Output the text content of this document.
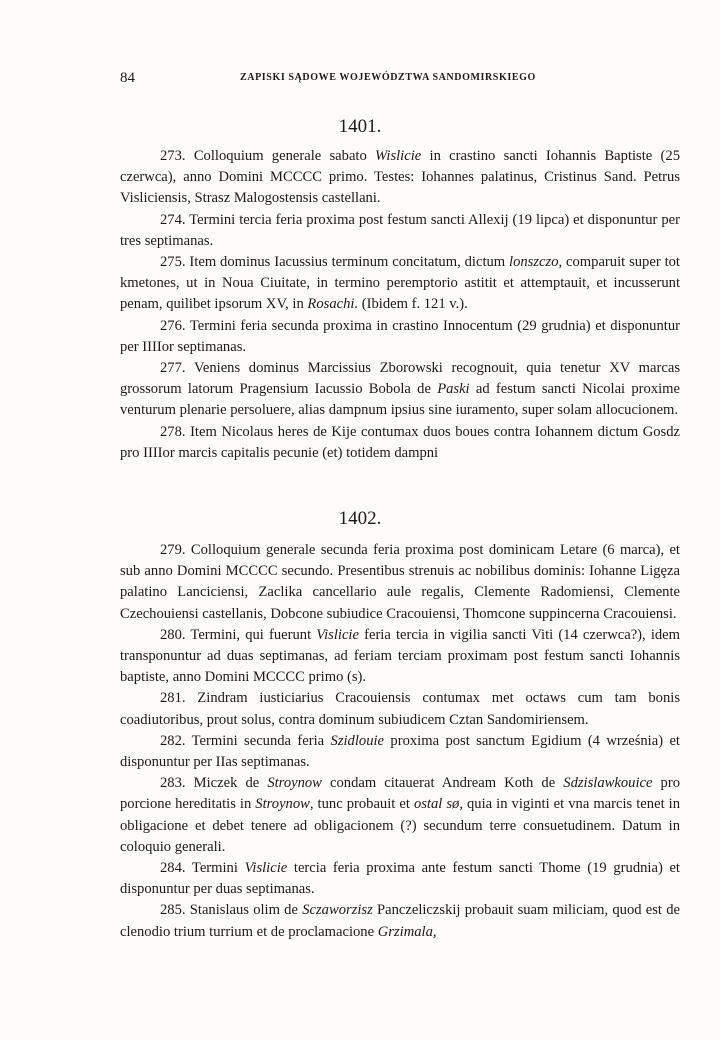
84	ZAPISKI SĄDOWE WOJEWÓDZTWA SANDOMIRSKIEGO
1401.

273. Colloquium generale sabato Wislicie in crastino sancti Iohannis Baptiste (25 czerwca), anno Domini MCCCC primo. Testes: Iohannes palatinus, Cristinus Sand. Petrus Visliciensis, Strasz Malogostensis castellani.

274. Termini tercia feria proxima post festum sancti Allexij (19 lipca) et disponuntur per tres septimanas.

275. Item dominus Iacussius terminum concitatum, dictum lonszczo, comparuit super tot kmetones, ut in Noua Ciuitate, in termino peremptorio astitit et attemptauit, et incusserunt penam, quilibet ipsorum XV, in Rosachi. (Ibidem f. 121 v.).

276. Termini feria secunda proxima in crastino Innocentum (29 grudnia) et disponuntur per IIIIor septimanas.

277. Veniens dominus Marcissius Zborowski recognouit, quia tenetur XV marcas grossorum latorum Pragensium Iacussio Bobola de Paski ad festum sancti Nicolai proxime venturum plenarie persoluere, alias dampnum ipsius sine iuramento, super solam allocucionem.

278. Item Nicolaus heres de Kije contumax duos boues contra Iohannem dictum Gosdz pro IIIIor marcis capitalis pecunie (et) totidem dampni

1402.

279. Colloquium generale secunda feria proxima post dominicam Letare (6 marca), et sub anno Domini MCCCC secundo. Presentibus strenuis ac nobilibus dominis: Iohanne Ligȩza palatino Lanciciensi, Zaclika cancellario aule regalis, Clemente Radomiensi, Clemente Czechouiensi castellanis, Dobcone subiudice Cracouiensi, Thomcone suppincerna Cracouiensi.

280. Termini, qui fuerunt Vislicie feria tercia in vigilia sancti Viti (14 czerwca?), idem transponuntur ad duas septimanas, ad feriam terciam proximam post festum sancti Iohannis baptiste, anno Domini MCCCC primo (s).

281. Zindram iusticiarius Cracouiensis contumax met octaws cum tam bonis coadiutoribus, prout solus, contra dominum subiudicem Cztan Sandomiriensem.

282. Termini secunda feria Szidlouie proxima post sanctum Egidium (4 września) et disponuntur per IIas septimanas.

283. Miczek de Stroynow condam citauerat Andream Koth de Sdzislawkouice pro porcione hereditatis in Stroynow, tunc probauit et ostal sø, quia in viginti et vna marcis tenet in obligacione et debet tenere ad obligacionem (?) secundum terre consuetudinem. Datum in coloquio generali.

284. Termini Vislicie tercia feria proxima ante festum sancti Thome (19 grudnia) et disponuntur per duas septimanas.

285. Stanislaus olim de Sczaworzisz Panczeliczskij probauit suam miliciam, quod est de clenodio trium turrium et de proclamacione Grzimala,
